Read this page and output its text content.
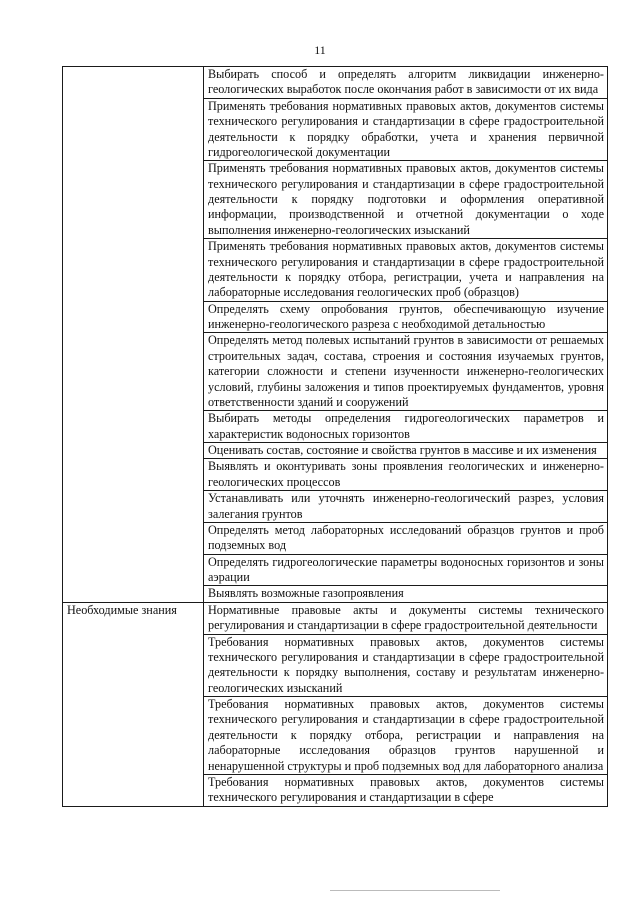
11
	Выбирать способ и определять алгоритм ликвидации инженерно-геологических выработок после окончания работ в зависимости от их вида
	Применять требования нормативных правовых актов, документов системы технического регулирования и стандартизации в сфере градостроительной деятельности к порядку обработки, учета и хранения первичной гидрогеологической документации
	Применять требования нормативных правовых актов, документов системы технического регулирования и стандартизации в сфере градостроительной деятельности к порядку подготовки и оформления оперативной информации, производственной и отчетной документации о ходе выполнения инженерно-геологических изысканий
	Применять требования нормативных правовых актов, документов системы технического регулирования и стандартизации в сфере градостроительной деятельности к порядку отбора, регистрации, учета и направления на лабораторные исследования геологических проб (образцов)
	Определять схему опробования грунтов, обеспечивающую изучение инженерно-геологического разреза с необходимой детальностью
	Определять метод полевых испытаний грунтов в зависимости от решаемых строительных задач, состава, строения и состояния изучаемых грунтов, категории сложности и степени изученности инженерно-геологических условий, глубины заложения и типов проектируемых фундаментов, уровня ответственности зданий и сооружений
	Выбирать методы определения гидрогеологических параметров и характеристик водоносных горизонтов
	Оценивать состав, состояние и свойства грунтов в массиве и их изменения
	Выявлять и оконтуривать зоны проявления геологических и инженерно-геологических процессов
	Устанавливать или уточнять инженерно-геологический разрез, условия залегания грунтов
	Определять метод лабораторных исследований образцов грунтов и проб подземных вод
	Определять гидрогеологические параметры водоносных горизонтов и зоны аэрации
	Выявлять возможные газопроявления
Необходимые знания	Нормативные правовые акты и документы системы технического регулирования и стандартизации в сфере градостроительной деятельности
	Требования нормативных правовых актов, документов системы технического регулирования и стандартизации в сфере градостроительной деятельности к порядку выполнения, составу и результатам инженерно-геологических изысканий
	Требования нормативных правовых актов, документов системы технического регулирования и стандартизации в сфере градостроительной деятельности к порядку отбора, регистрации и направления на лабораторные исследования образцов грунтов нарушенной и ненарушенной структуры и проб подземных вод для лабораторного анализа
	Требования нормативных правовых актов, документов системы технического регулирования и стандартизации в сфере
